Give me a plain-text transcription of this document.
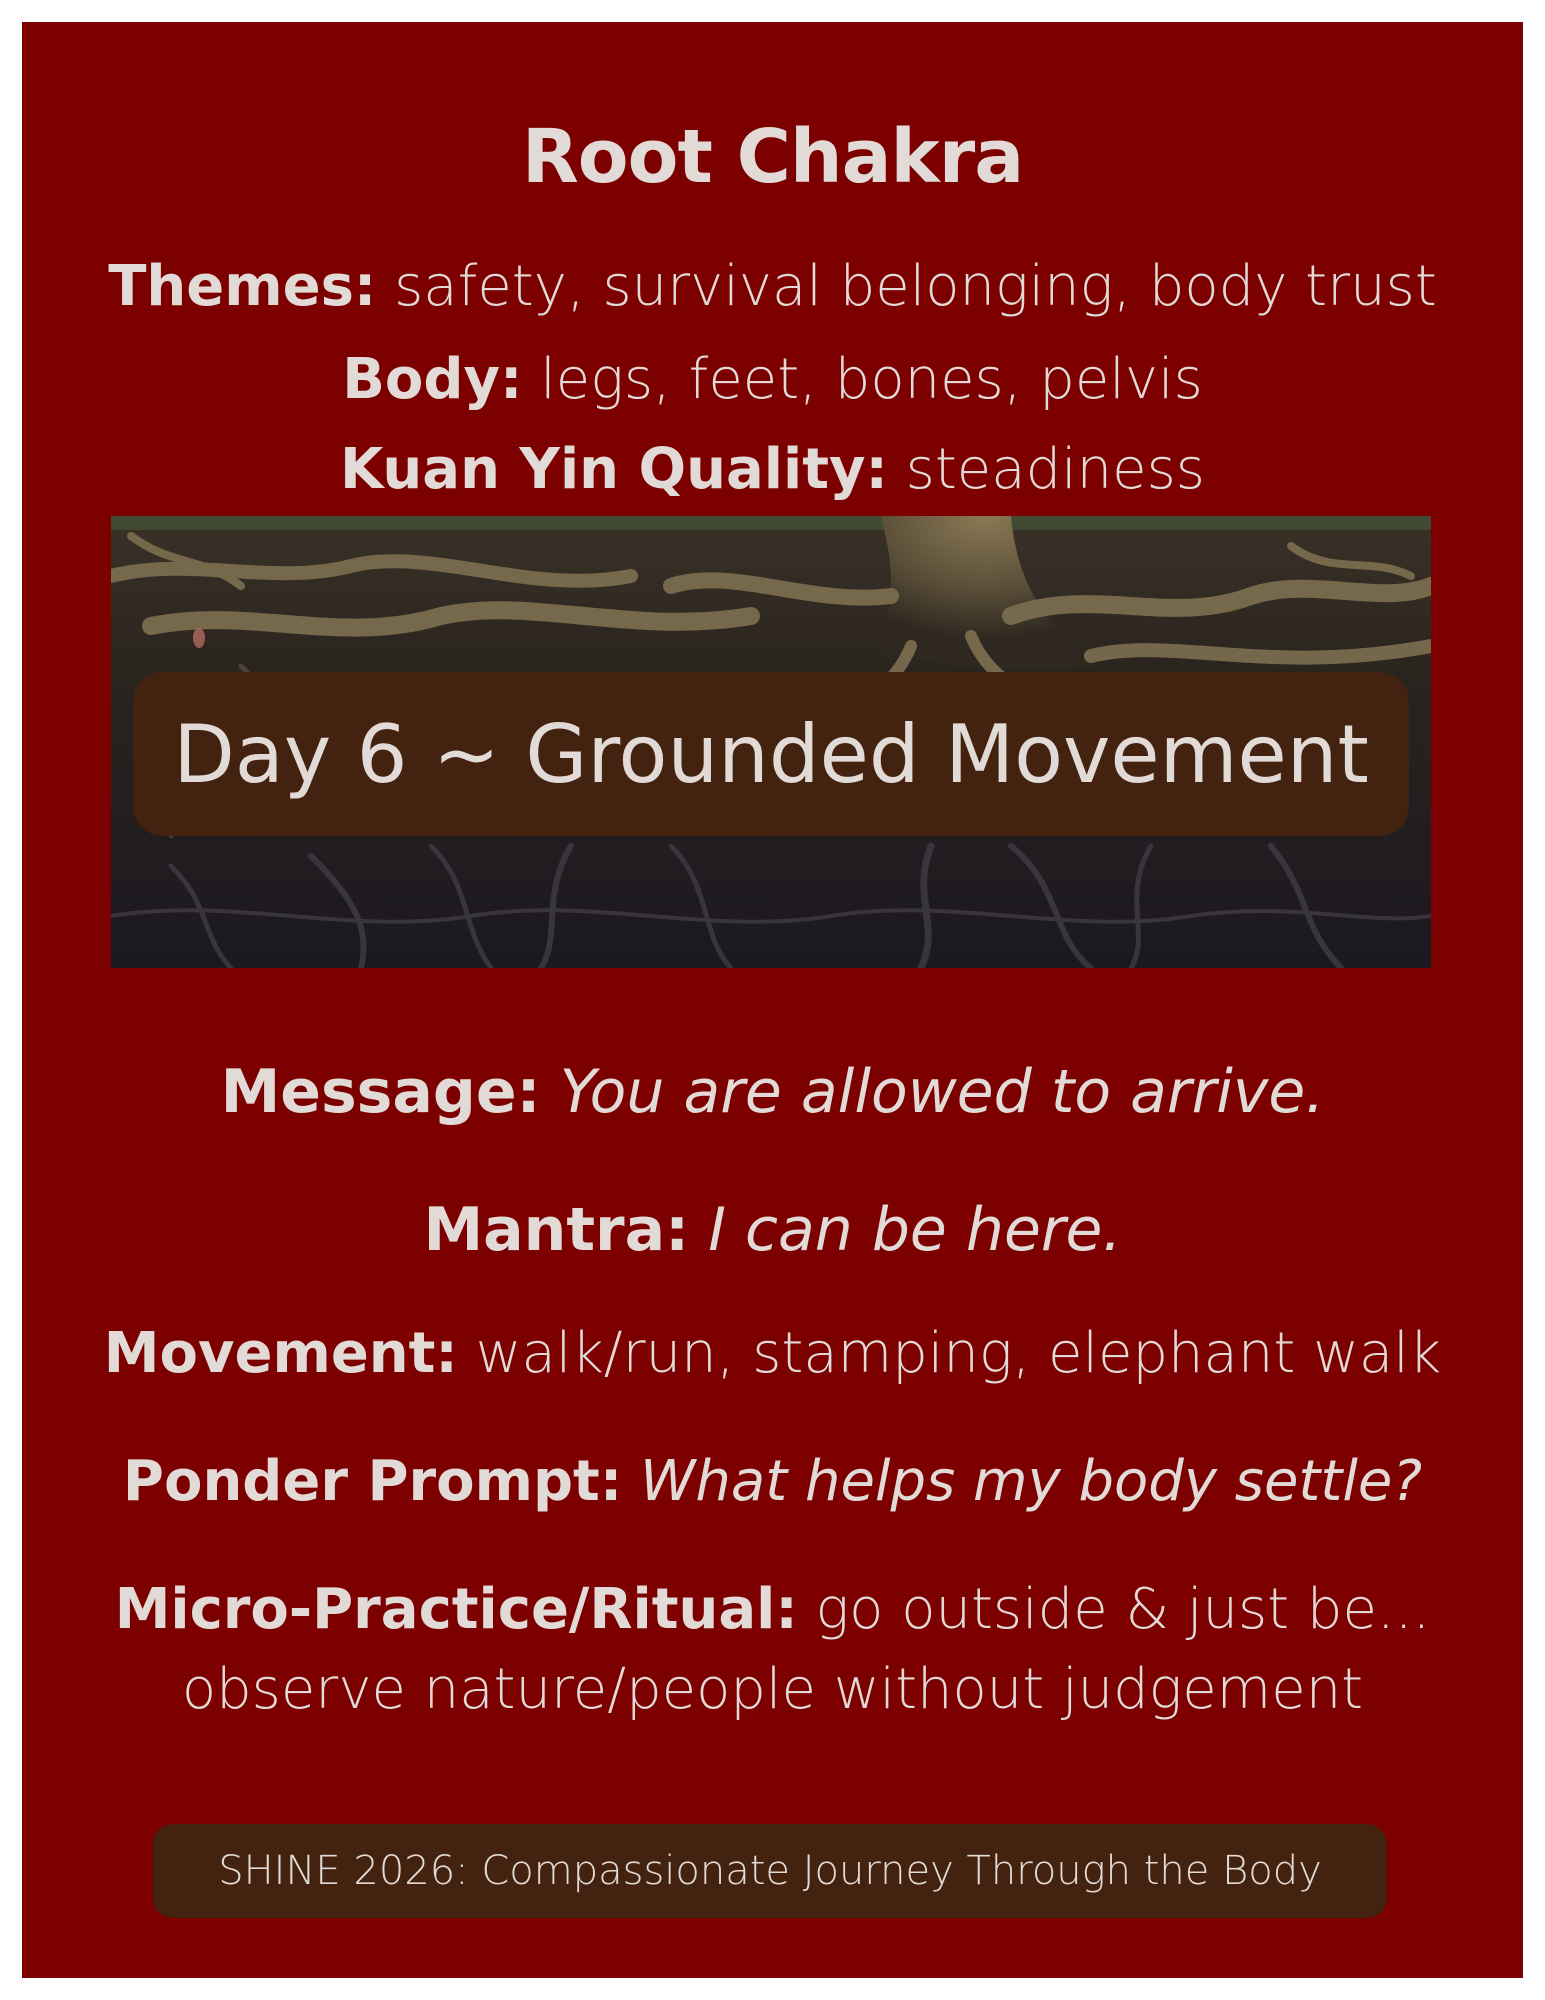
Root Chakra
Themes: safety, survival belonging, body trust
Body: legs, feet, bones, pelvis
Kuan Yin Quality: steadiness
Day 6 ~ Grounded Movement
Message: You are allowed to arrive.
Mantra: I can be here.
Movement: walk/run, stamping, elephant walk
Ponder Prompt: What helps my body settle?
Micro-Practice/Ritual: go outside & just be...
observe nature/people without judgement
SHINE 2026: Compassionate Journey Through the Body
